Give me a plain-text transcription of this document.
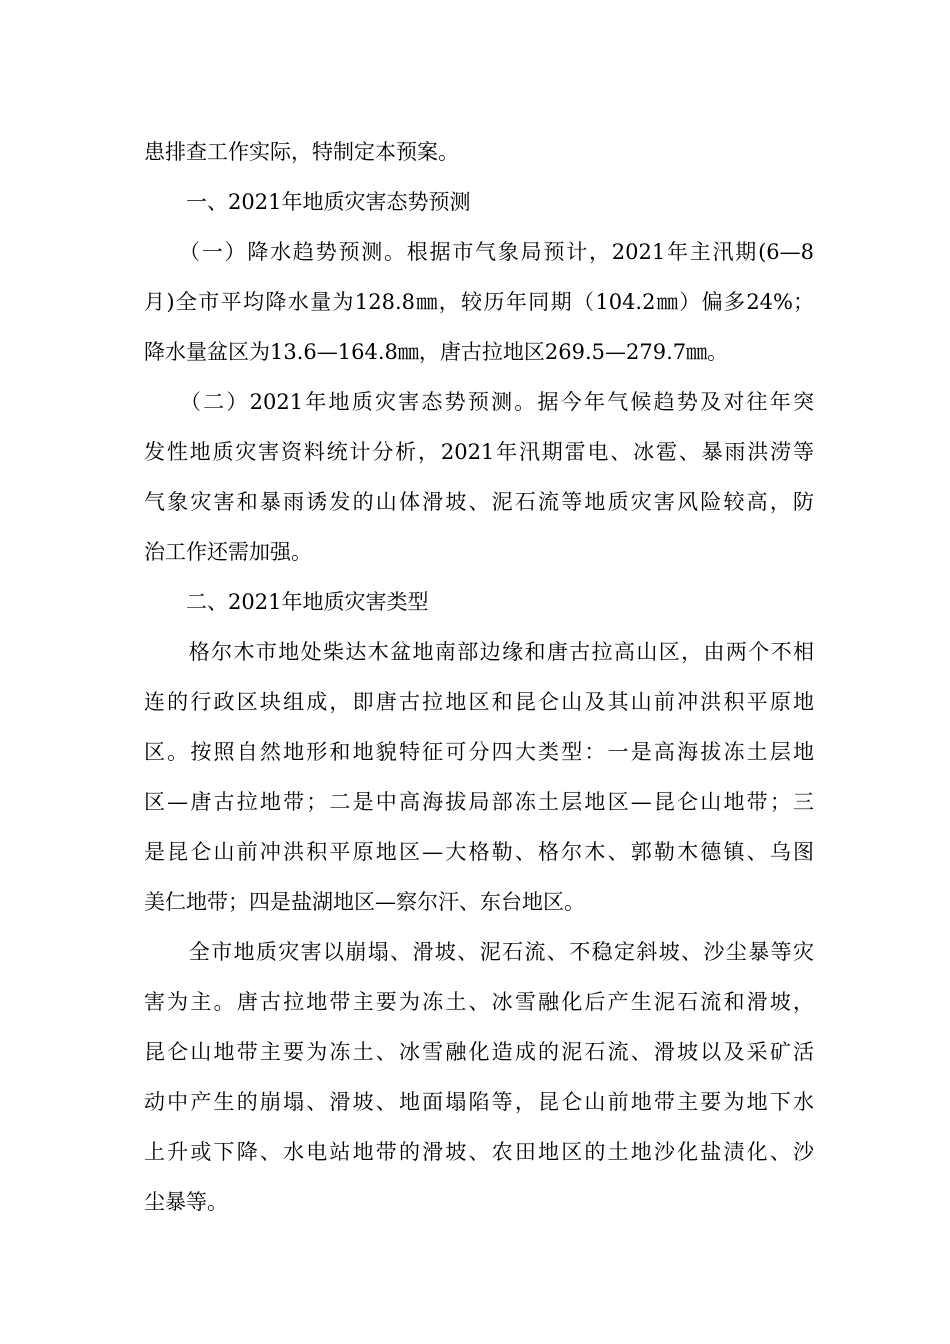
患排查工作实际，特制定本预案。
　　一、2021年地质灾害态势预测
　　（一）降水趋势预测。根据市气象局预计，2021年主汛期(6—8
月)全市平均降水量为128.8㎜，较历年同期（104.2㎜）偏多24%；
降水量盆区为13.6—164.8㎜，唐古拉地区269.5—279.7㎜。
　　（二）2021年地质灾害态势预测。据今年气候趋势及对往年突
发性地质灾害资料统计分析，2021年汛期雷电、冰雹、暴雨洪涝等
气象灾害和暴雨诱发的山体滑坡、泥石流等地质灾害风险较高，防
治工作还需加强。
　　二、2021年地质灾害类型
　　格尔木市地处柴达木盆地南部边缘和唐古拉高山区，由两个不相
连的行政区块组成，即唐古拉地区和昆仑山及其山前冲洪积平原地
区。按照自然地形和地貌特征可分四大类型：一是高海拔冻土层地
区—唐古拉地带；二是中高海拔局部冻土层地区—昆仑山地带；三
是昆仑山前冲洪积平原地区—大格勒、格尔木、郭勒木德镇、乌图
美仁地带；四是盐湖地区—察尔汗、东台地区。
　　全市地质灾害以崩塌、滑坡、泥石流、不稳定斜坡、沙尘暴等灾
害为主。唐古拉地带主要为冻土、冰雪融化后产生泥石流和滑坡，
昆仑山地带主要为冻土、冰雪融化造成的泥石流、滑坡以及采矿活
动中产生的崩塌、滑坡、地面塌陷等，昆仑山前地带主要为地下水
上升或下降、水电站地带的滑坡、农田地区的土地沙化盐渍化、沙
尘暴等。
